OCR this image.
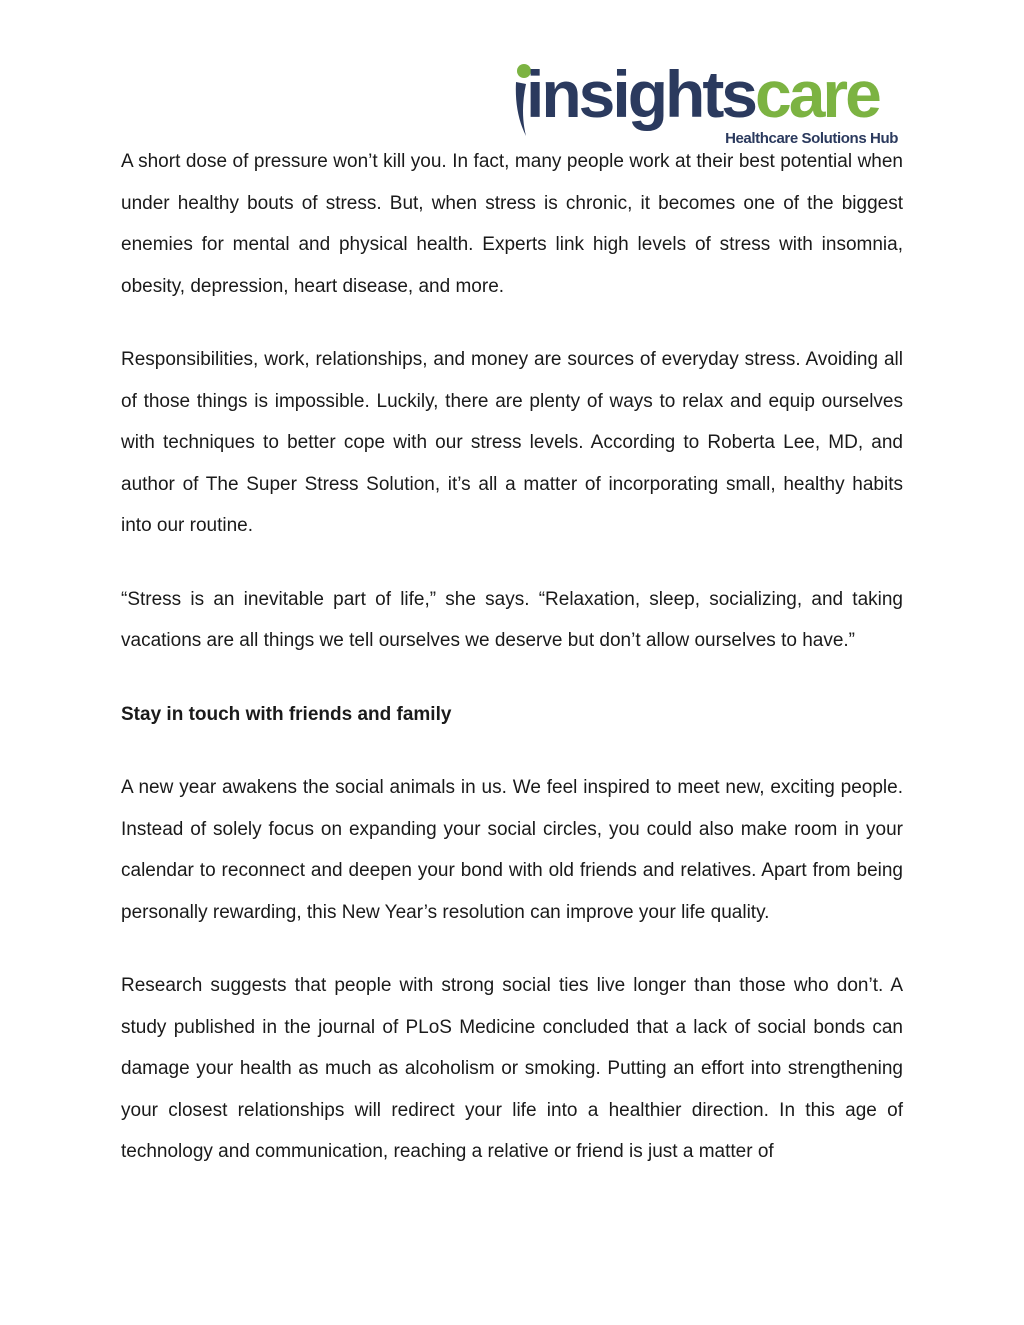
insightscare
Healthcare Solutions Hub

A short dose of pressure won’t kill you. In fact, many people work at their best potential when under healthy bouts of stress. But, when stress is chronic, it becomes one of the biggest enemies for mental and physical health. Experts link high levels of stress with insomnia, obesity, depression, heart disease, and more.

Responsibilities, work, relationships, and money are sources of everyday stress. Avoiding all of those things is impossible. Luckily, there are plenty of ways to relax and equip ourselves with techniques to better cope with our stress levels. According to Roberta Lee, MD, and author of The Super Stress Solution, it’s all a matter of incorporating small, healthy habits into our routine.

“Stress is an inevitable part of life,” she says. “Relaxation, sleep, socializing, and taking vacations are all things we tell ourselves we deserve but don’t allow ourselves to have.”

Stay in touch with friends and family

A new year awakens the social animals in us. We feel inspired to meet new, exciting people. Instead of solely focus on expanding your social circles, you could also make room in your calendar to reconnect and deepen your bond with old friends and relatives. Apart from being personally rewarding, this New Year’s resolution can improve your life quality.

Research suggests that people with strong social ties live longer than those who don’t. A study published in the journal of PLoS Medicine concluded that a lack of social bonds can damage your health as much as alcoholism or smoking. Putting an effort into strengthening your closest relationships will redirect your life into a healthier direction. In this age of technology and communication, reaching a relative or friend is just a matter of
